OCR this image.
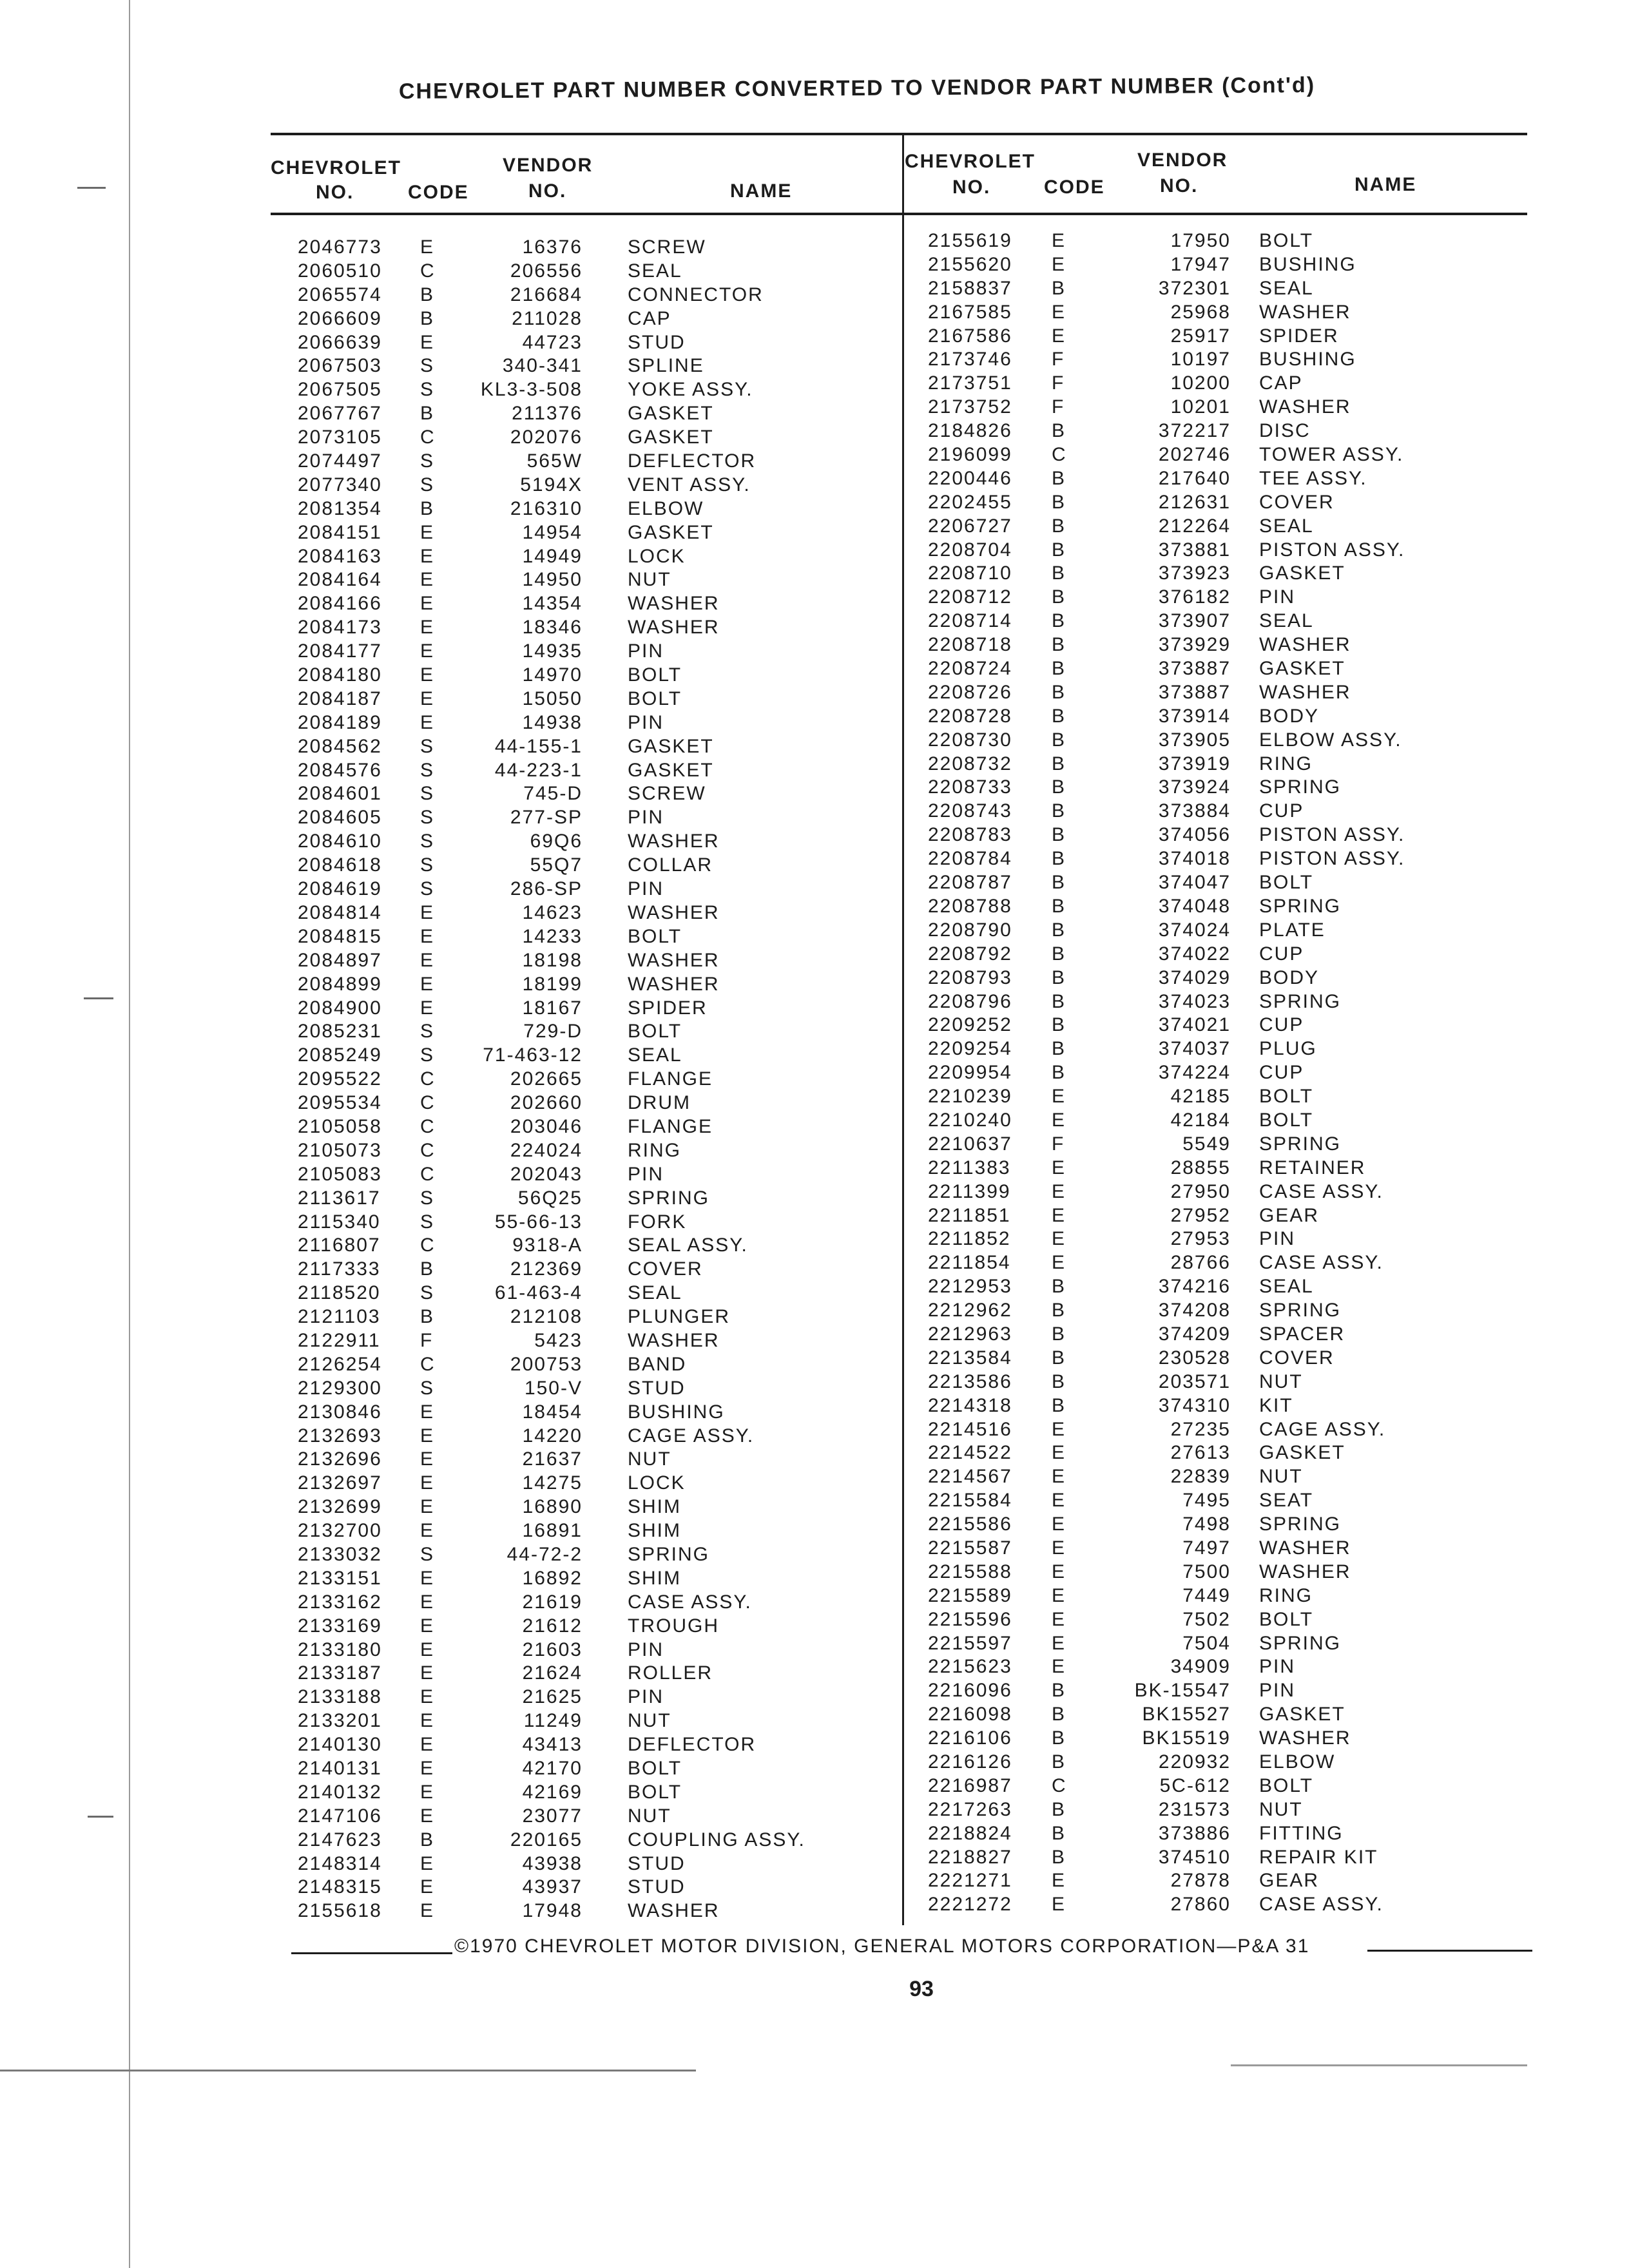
CHEVROLET PART NUMBER CONVERTED TO VENDOR PART NUMBER (Cont'd)
CHEVROLET	VENDOR
NO.	CODE	NO.	NAME
CHEVROLET	VENDOR
NO.	CODE	NO.	NAME
2046773 E	16376 SCREW
2060510 C	206556 SEAL
2065574 B	216684 CONNECTOR
2066609 B	211028 CAP
2066639 E	44723 STUD
2067503 S	340-341 SPLINE
2067505 S	KL3-3-508 YOKE ASSY.
2067767 B	211376 GASKET
2073105 C	202076 GASKET
2074497 S	565W DEFLECTOR
2077340 S	5194X VENT ASSY.
2081354 B	216310 ELBOW
2084151 E	14954 GASKET
2084163 E	14949 LOCK
2084164 E	14950 NUT
2084166 E	14354 WASHER
2084173 E	18346 WASHER
2084177 E	14935 PIN
2084180 E	14970 BOLT
2084187 E	15050 BOLT
2084189 E	14938 PIN
2084562 S	44-155-1 GASKET
2084576 S	44-223-1 GASKET
2084601 S	745-D SCREW
2084605 S	277-SP PIN
2084610 S	69Q6 WASHER
2084618 S	55Q7 COLLAR
2084619 S	286-SP PIN
2084814 E	14623 WASHER
2084815 E	14233 BOLT
2084897 E	18198 WASHER
2084899 E	18199 WASHER
2084900 E	18167 SPIDER
2085231 S	729-D BOLT
2085249 S	71-463-12 SEAL
2095522 C	202665 FLANGE
2095534 C	202660 DRUM
2105058 C	203046 FLANGE
2105073 C	224024 RING
2105083 C	202043 PIN
2113617 S	56Q25 SPRING
2115340 S	55-66-13 FORK
2116807 C	9318-A SEAL ASSY.
2117333 B	212369 COVER
2118520 S	61-463-4 SEAL
2121103 B	212108 PLUNGER
2122911 F	5423 WASHER
2126254 C	200753 BAND
2129300 S	150-V STUD
2130846 E	18454 BUSHING
2132693 E	14220 CAGE ASSY.
2132696 E	21637 NUT
2132697 E	14275 LOCK
2132699 E	16890 SHIM
2132700 E	16891 SHIM
2133032 S	44-72-2 SPRING
2133151 E	16892 SHIM
2133162 E	21619 CASE ASSY.
2133169 E	21612 TROUGH
2133180 E	21603 PIN
2133187 E	21624 ROLLER
2133188 E	21625 PIN
2133201 E	11249 NUT
2140130 E	43413 DEFLECTOR
2140131 E	42170 BOLT
2140132 E	42169 BOLT
2147106 E	23077 NUT
2147623 B	220165 COUPLING ASSY.
2148314 E	43938 STUD
2148315 E	43937 STUD
2155618 E	17948 WASHER
2155619 E	17950 BOLT
2155620 E	17947 BUSHING
2158837 B	372301 SEAL
2167585 E	25968 WASHER
2167586 E	25917 SPIDER
2173746 F	10197 BUSHING
2173751 F	10200 CAP
2173752 F	10201 WASHER
2184826 B	372217 DISC
2196099 C	202746 TOWER ASSY.
2200446 B	217640 TEE ASSY.
2202455 B	212631 COVER
2206727 B	212264 SEAL
2208704 B	373881 PISTON ASSY.
2208710 B	373923 GASKET
2208712 B	376182 PIN
2208714 B	373907 SEAL
2208718 B	373929 WASHER
2208724 B	373887 GASKET
2208726 B	373887 WASHER
2208728 B	373914 BODY
2208730 B	373905 ELBOW ASSY.
2208732 B	373919 RING
2208733 B	373924 SPRING
2208743 B	373884 CUP
2208783 B	374056 PISTON ASSY.
2208784 B	374018 PISTON ASSY.
2208787 B	374047 BOLT
2208788 B	374048 SPRING
2208790 B	374024 PLATE
2208792 B	374022 CUP
2208793 B	374029 BODY
2208796 B	374023 SPRING
2209252 B	374021 CUP
2209254 B	374037 PLUG
2209954 B	374224 CUP
2210239 E	42185 BOLT
2210240 E	42184 BOLT
2210637 F	5549 SPRING
2211383 E	28855 RETAINER
2211399 E	27950 CASE ASSY.
2211851 E	27952 GEAR
2211852 E	27953 PIN
2211854 E	28766 CASE ASSY.
2212953 B	374216 SEAL
2212962 B	374208 SPRING
2212963 B	374209 SPACER
2213584 B	230528 COVER
2213586 B	203571 NUT
2214318 B	374310 KIT
2214516 E	27235 CAGE ASSY.
2214522 E	27613 GASKET
2214567 E	22839 NUT
2215584 E	7495 SEAT
2215586 E	7498 SPRING
2215587 E	7497 WASHER
2215588 E	7500 WASHER
2215589 E	7449 RING
2215596 E	7502 BOLT
2215597 E	7504 SPRING
2215623 E	34909 PIN
2216096 B	BK-15547 PIN
2216098 B	BK15527 GASKET
2216106 B	BK15519 WASHER
2216126 B	220932 ELBOW
2216987 C	5C-612 BOLT
2217263 B	231573 NUT
2218824 B	373886 FITTING
2218827 B	374510 REPAIR KIT
2221271 E	27878 GEAR
2221272 E	27860 CASE ASSY.
©1970 CHEVROLET MOTOR DIVISION, GENERAL MOTORS CORPORATION—P&A 31
93
